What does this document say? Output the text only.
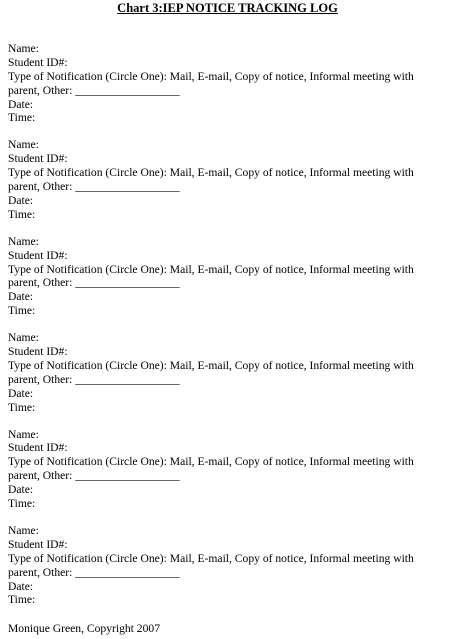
Chart 3:IEP NOTICE TRACKING LOG
Name:
Student ID#:
Type of Notification (Circle One): Mail, E-mail, Copy of notice, Informal meeting with
parent, Other: __________________
Date:
Time:
Name:
Student ID#:
Type of Notification (Circle One): Mail, E-mail, Copy of notice, Informal meeting with
parent, Other: __________________
Date:
Time:
Name:
Student ID#:
Type of Notification (Circle One): Mail, E-mail, Copy of notice, Informal meeting with
parent, Other: __________________
Date:
Time:
Name:
Student ID#:
Type of Notification (Circle One): Mail, E-mail, Copy of notice, Informal meeting with
parent, Other: __________________
Date:
Time:
Name:
Student ID#:
Type of Notification (Circle One): Mail, E-mail, Copy of notice, Informal meeting with
parent, Other: __________________
Date:
Time:
Name:
Student ID#:
Type of Notification (Circle One): Mail, E-mail, Copy of notice, Informal meeting with
parent, Other: __________________
Date:
Time:
Monique Green, Copyright 2007
